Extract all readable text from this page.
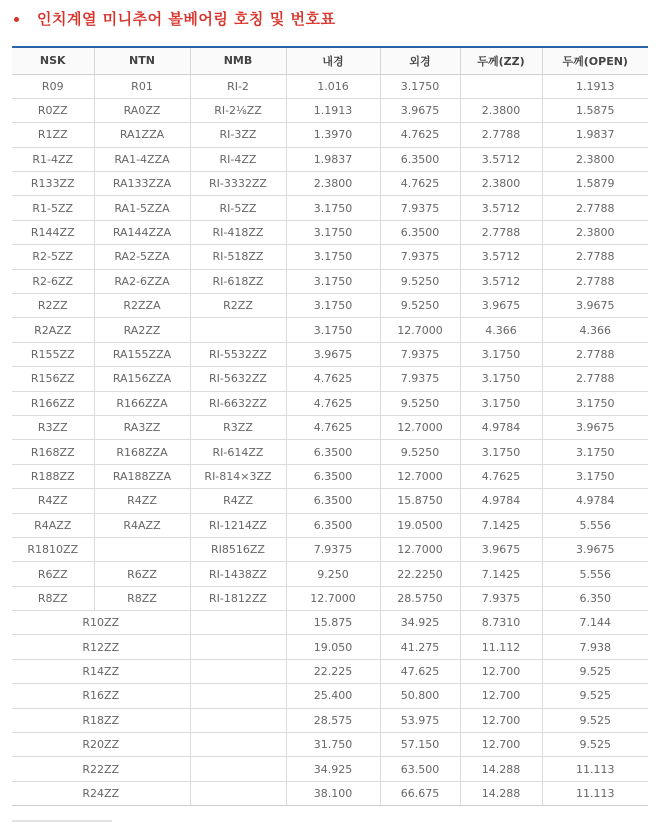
인치계열 미니추어 볼베어링 호칭 및 번호표
NSK	NTN	NMB	내경	외경	두께(ZZ)	두께(OPEN)
R09	R01	RI-2	1.016	3.1750		1.1913
R0ZZ	RA0ZZ	RI-2⅛ZZ	1.1913	3.9675	2.3800	1.5875
R1ZZ	RA1ZZA	RI-3ZZ	1.3970	4.7625	2.7788	1.9837
R1-4ZZ	RA1-4ZZA	RI-4ZZ	1.9837	6.3500	3.5712	2.3800
R133ZZ	RA133ZZA	RI-3332ZZ	2.3800	4.7625	2.3800	1.5879
R1-5ZZ	RA1-5ZZA	RI-5ZZ	3.1750	7.9375	3.5712	2.7788
R144ZZ	RA144ZZA	RI-418ZZ	3.1750	6.3500	2.7788	2.3800
R2-5ZZ	RA2-5ZZA	RI-518ZZ	3.1750	7.9375	3.5712	2.7788
R2-6ZZ	RA2-6ZZA	RI-618ZZ	3.1750	9.5250	3.5712	2.7788
R2ZZ	R2ZZA	R2ZZ	3.1750	9.5250	3.9675	3.9675
R2AZZ	RA2ZZ		3.1750	12.7000	4.366	4.366
R155ZZ	RA155ZZA	RI-5532ZZ	3.9675	7.9375	3.1750	2.7788
R156ZZ	RA156ZZA	RI-5632ZZ	4.7625	7.9375	3.1750	2.7788
R166ZZ	R166ZZA	RI-6632ZZ	4.7625	9.5250	3.1750	3.1750
R3ZZ	RA3ZZ	R3ZZ	4.7625	12.7000	4.9784	3.9675
R168ZZ	R168ZZA	RI-614ZZ	6.3500	9.5250	3.1750	3.1750
R188ZZ	RA188ZZA	RI-814×3ZZ	6.3500	12.7000	4.7625	3.1750
R4ZZ	R4ZZ	R4ZZ	6.3500	15.8750	4.9784	4.9784
R4AZZ	R4AZZ	RI-1214ZZ	6.3500	19.0500	7.1425	5.556
R1810ZZ		RI8516ZZ	7.9375	12.7000	3.9675	3.9675
R6ZZ	R6ZZ	RI-1438ZZ	9.250	22.2250	7.1425	5.556
R8ZZ	R8ZZ	RI-1812ZZ	12.7000	28.5750	7.9375	6.350
R10ZZ			15.875	34.925	8.7310	7.144
R12ZZ			19.050	41.275	11.112	7.938
R14ZZ			22.225	47.625	12.700	9.525
R16ZZ			25.400	50.800	12.700	9.525
R18ZZ			28.575	53.975	12.700	9.525
R20ZZ			31.750	57.150	12.700	9.525
R22ZZ			34.925	63.500	14.288	11.113
R24ZZ			38.100	66.675	14.288	11.113
